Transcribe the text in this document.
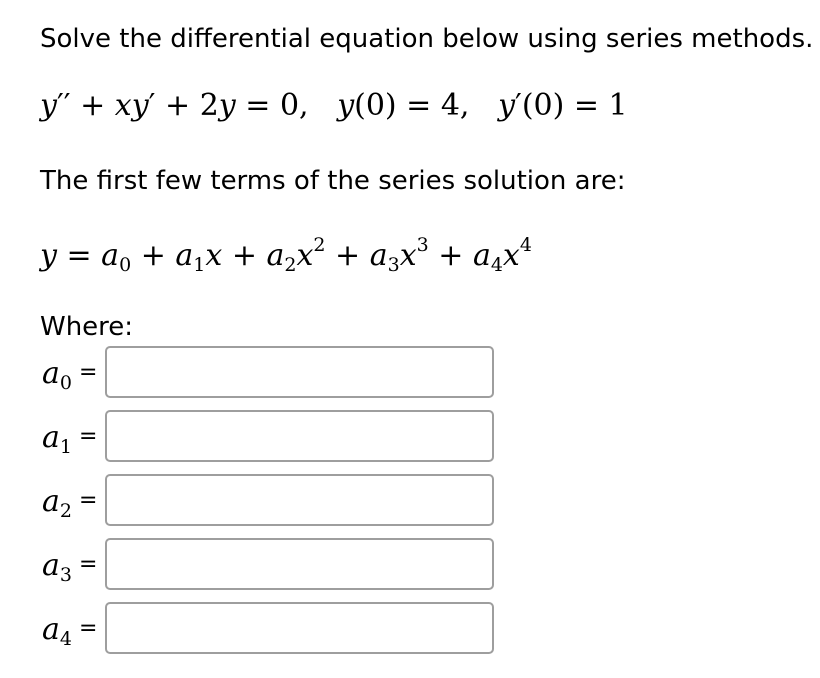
Solve the differential equation below using series methods.
y′′ + xy′ + 2y = 0,   y(0) = 4,   y′(0) = 1
The first few terms of the series solution are:
$y = a_0 + a_1x + a_2x^2 + a_3x^3 + a_4x^4$
Where:
$a_0$ =
$a_1$ =
$a_2$ =
$a_3$ =
$a_4$ =
